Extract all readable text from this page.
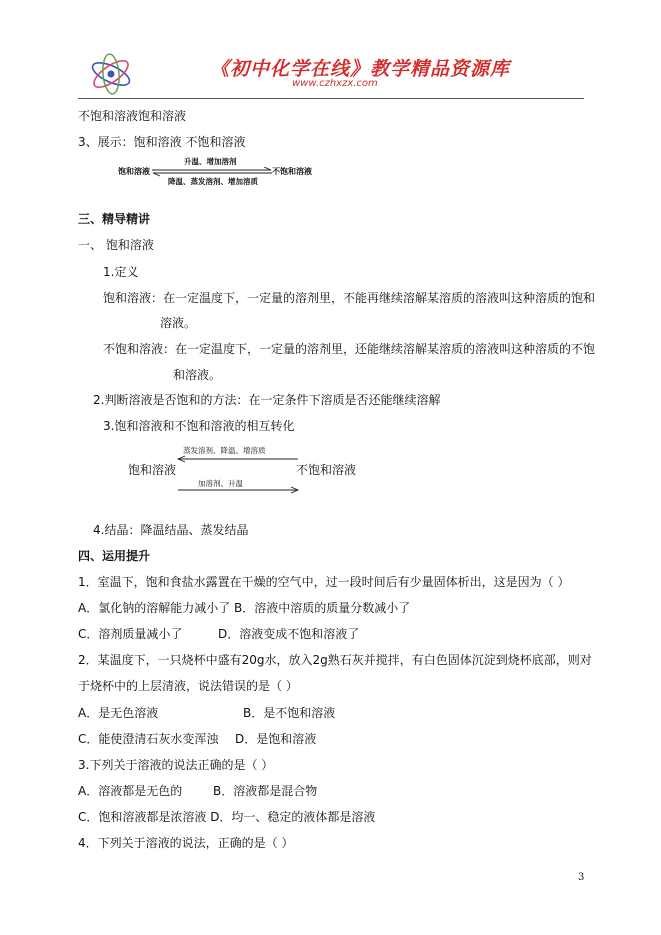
《初中化学在线》教学精品资源库
www.czhxzx.com
不饱和溶液饱和溶液
3、展示：饱和溶液 不饱和溶液
饱和溶液	不饱和溶液
升温、增加溶剂
降温、蒸发溶剂、增加溶质
三、精导精讲
一、 饱和溶液
1.定义
饱和溶液：在一定温度下，一定量的溶剂里，不能再继续溶解某溶质的溶液叫这种溶质的饱和
溶液。
不饱和溶液：在一定温度下，一定量的溶剂里，还能继续溶解某溶质的溶液叫这种溶质的不饱
和溶液。
2.判断溶液是否饱和的方法：在一定条件下溶质是否还能继续溶解
3.饱和溶液和不饱和溶液的相互转化
蒸发溶剂、降温、增溶质
饱和溶液	不饱和溶液
加溶剂、升温
4.结晶：降温结晶、蒸发结晶
四、运用提升
1．室温下，饱和食盐水露置在干燥的空气中，过一段时间后有少量固体析出，这是因为（ ）
A．氯化钠的溶解能力减小了 B．溶液中溶质的质量分数减小了
C．溶剂质量减小了	D．溶液变成不饱和溶液了
2．某温度下，一只烧杯中盛有20g水，放入2g熟石灰并搅拌，有白色固体沉淀到烧杯底部，则对
于烧杯中的上层清液，说法错误的是（ ）
A．是无色溶液	B．是不饱和溶液
C．能使澄清石灰水变浑浊 D．是饱和溶液
3.下列关于溶液的说法正确的是（ ）
A．溶液都是无色的	B．溶液都是混合物
C．饱和溶液都是浓溶液 D．均一、稳定的液体都是溶液
4．下列关于溶液的说法，正确的是（ ）
3
